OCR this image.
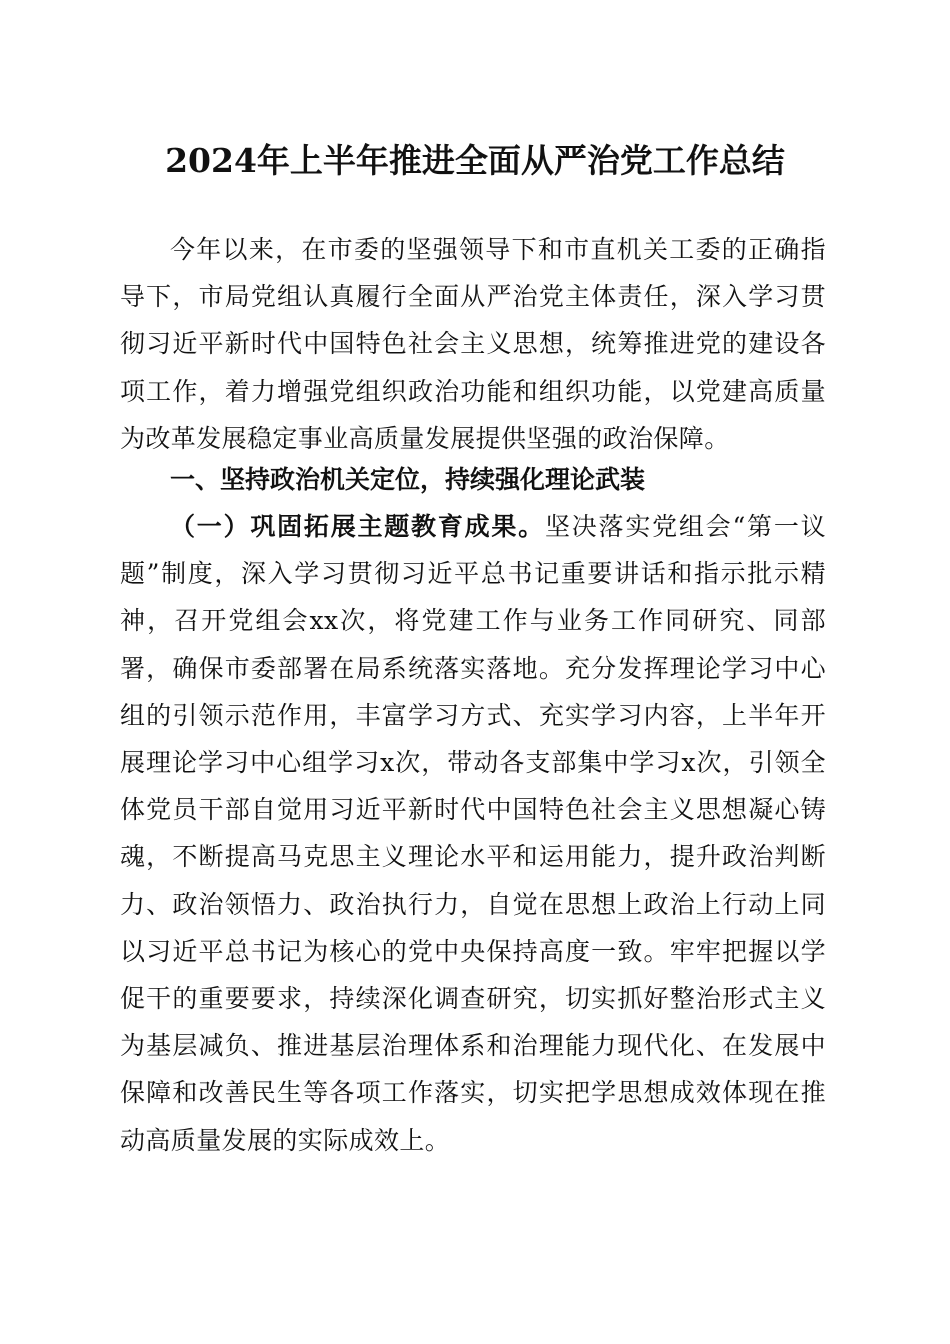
2024年上半年推进全面从严治党工作总结

今年以来，在市委的坚强领导下和市直机关工委的正确指导下，市局党组认真履行全面从严治党主体责任，深入学习贯彻习近平新时代中国特色社会主义思想，统筹推进党的建设各项工作，着力增强党组织政治功能和组织功能，以党建高质量为改革发展稳定事业高质量发展提供坚强的政治保障。

一、坚持政治机关定位，持续强化理论武装

（一）巩固拓展主题教育成果。坚决落实党组会“第一议题”制度，深入学习贯彻习近平总书记重要讲话和指示批示精神，召开党组会xx次，将党建工作与业务工作同研究、同部署，确保市委部署在局系统落实落地。充分发挥理论学习中心组的引领示范作用，丰富学习方式、充实学习内容，上半年开展理论学习中心组学习x次，带动各支部集中学习x次，引领全体党员干部自觉用习近平新时代中国特色社会主义思想凝心铸魂，不断提高马克思主义理论水平和运用能力，提升政治判断力、政治领悟力、政治执行力，自觉在思想上政治上行动上同以习近平总书记为核心的党中央保持高度一致。牢牢把握以学促干的重要要求，持续深化调查研究，切实抓好整治形式主义为基层减负、推进基层治理体系和治理能力现代化、在发展中保障和改善民生等各项工作落实，切实把学思想成效体现在推动高质量发展的实际成效上。
